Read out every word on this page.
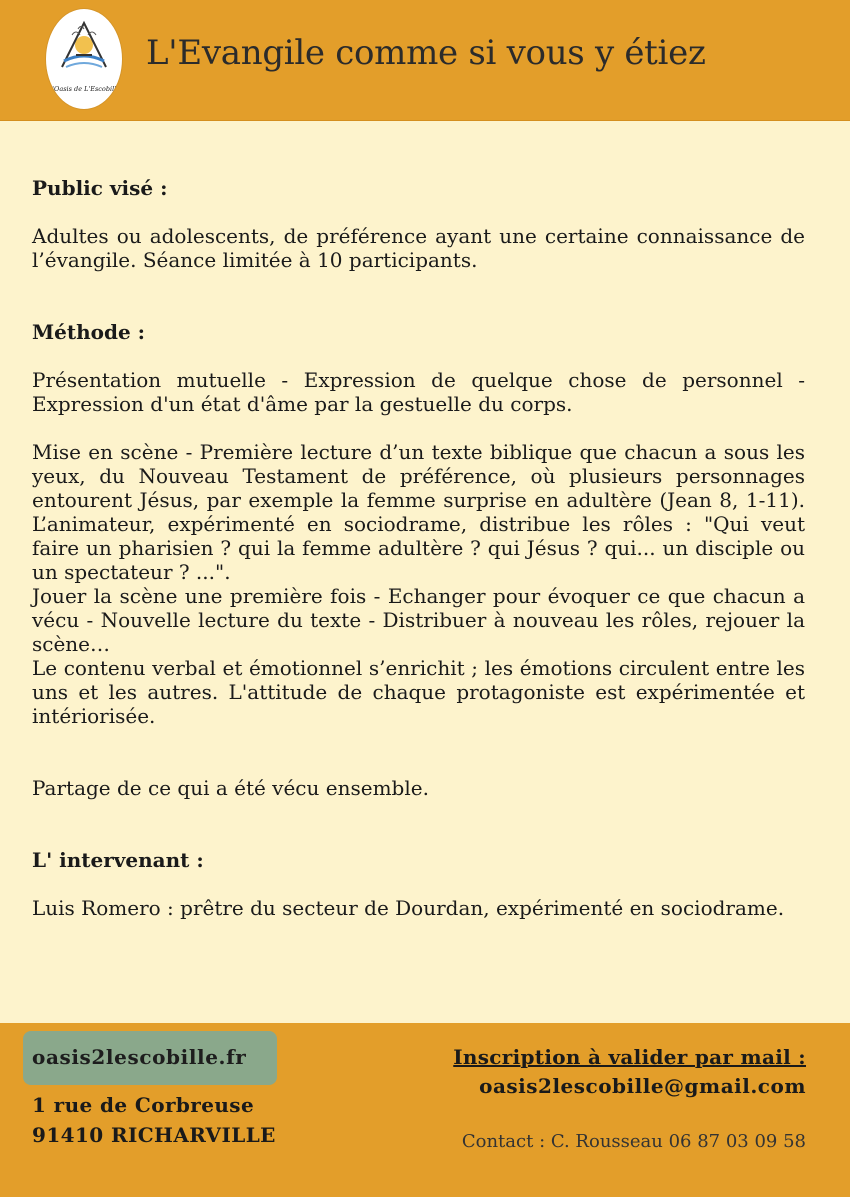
L'Oasis de L'Escobille
L'Evangile comme si vous y étiez
Public visé :

Adultes ou adolescents, de préférence ayant une certaine connaissance de l’évangile. Séance limitée à 10 participants.

Méthode :

Présentation mutuelle - Expression de quelque chose de personnel - Expression d'un état d'âme par la gestuelle du corps.

Mise en scène - Première lecture d’un texte biblique que chacun a sous les yeux, du Nouveau Testament de préférence, où plusieurs personnages entourent Jésus, par exemple la femme surprise en adultère (Jean 8, 1-11). L’animateur, expérimenté en sociodrame, distribue les rôles : "Qui veut faire un pharisien ? qui la femme adultère ? qui Jésus ? qui... un disciple ou un spectateur ? ...".

Jouer la scène une première fois - Echanger pour évoquer ce que chacun a vécu - Nouvelle lecture du texte - Distribuer à nouveau les rôles, rejouer la scène…

Le contenu verbal et émotionnel s’enrichit ; les émotions circulent entre les uns et les autres. L'attitude de chaque protagoniste est expérimentée et intériorisée.

Partage de ce qui a été vécu ensemble.

L' intervenant :

Luis Romero : prêtre du secteur de Dourdan, expérimenté en sociodrame.

oasis2lescobille.fr
1 rue de Corbreuse
91410 RICHARVILLE
Inscription à valider par mail :
oasis2lescobille@gmail.com
Contact : C. Rousseau 06 87 03 09 58
